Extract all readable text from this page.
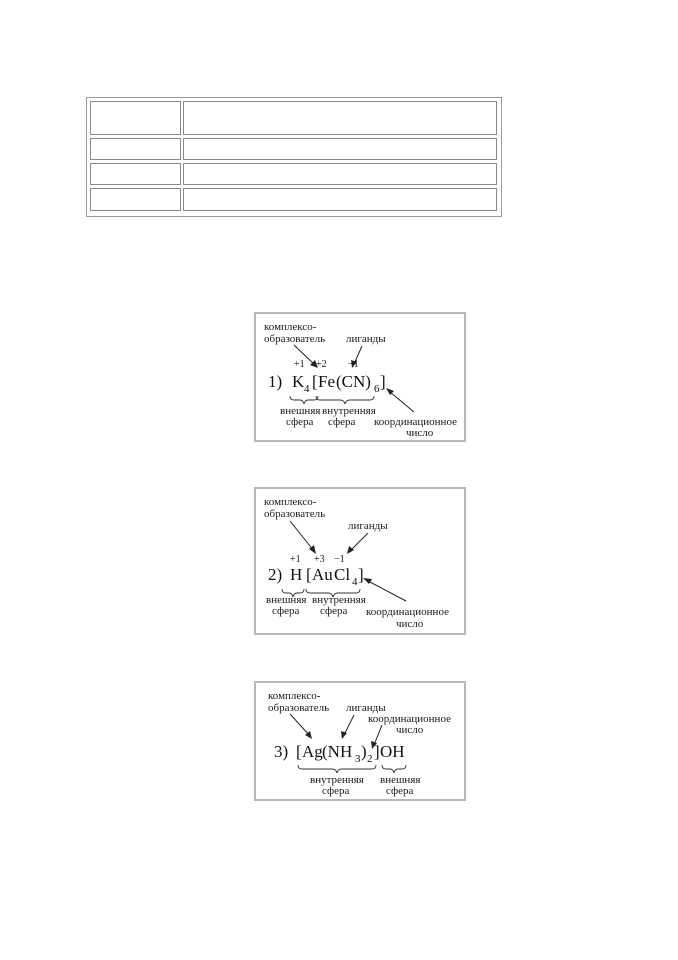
комплексо-
образователь лиганды
+1 +2 −1
1) K 4 [ Fe (CN) 6 ]
внешняя
сфера
внутренняя
сфера координационное
число
комплексо-
образователь
лиганды
+1 +3 −1
2) H [ Au Cl 4 ]
внешняя
сфера
внутренняя
сфера координационное
число
комплексо-
образователь лиганды
координационное
число
3) [ Ag (NH 3 ) 2 ] OH
внутренняя
сфера
внешняя
сфера
